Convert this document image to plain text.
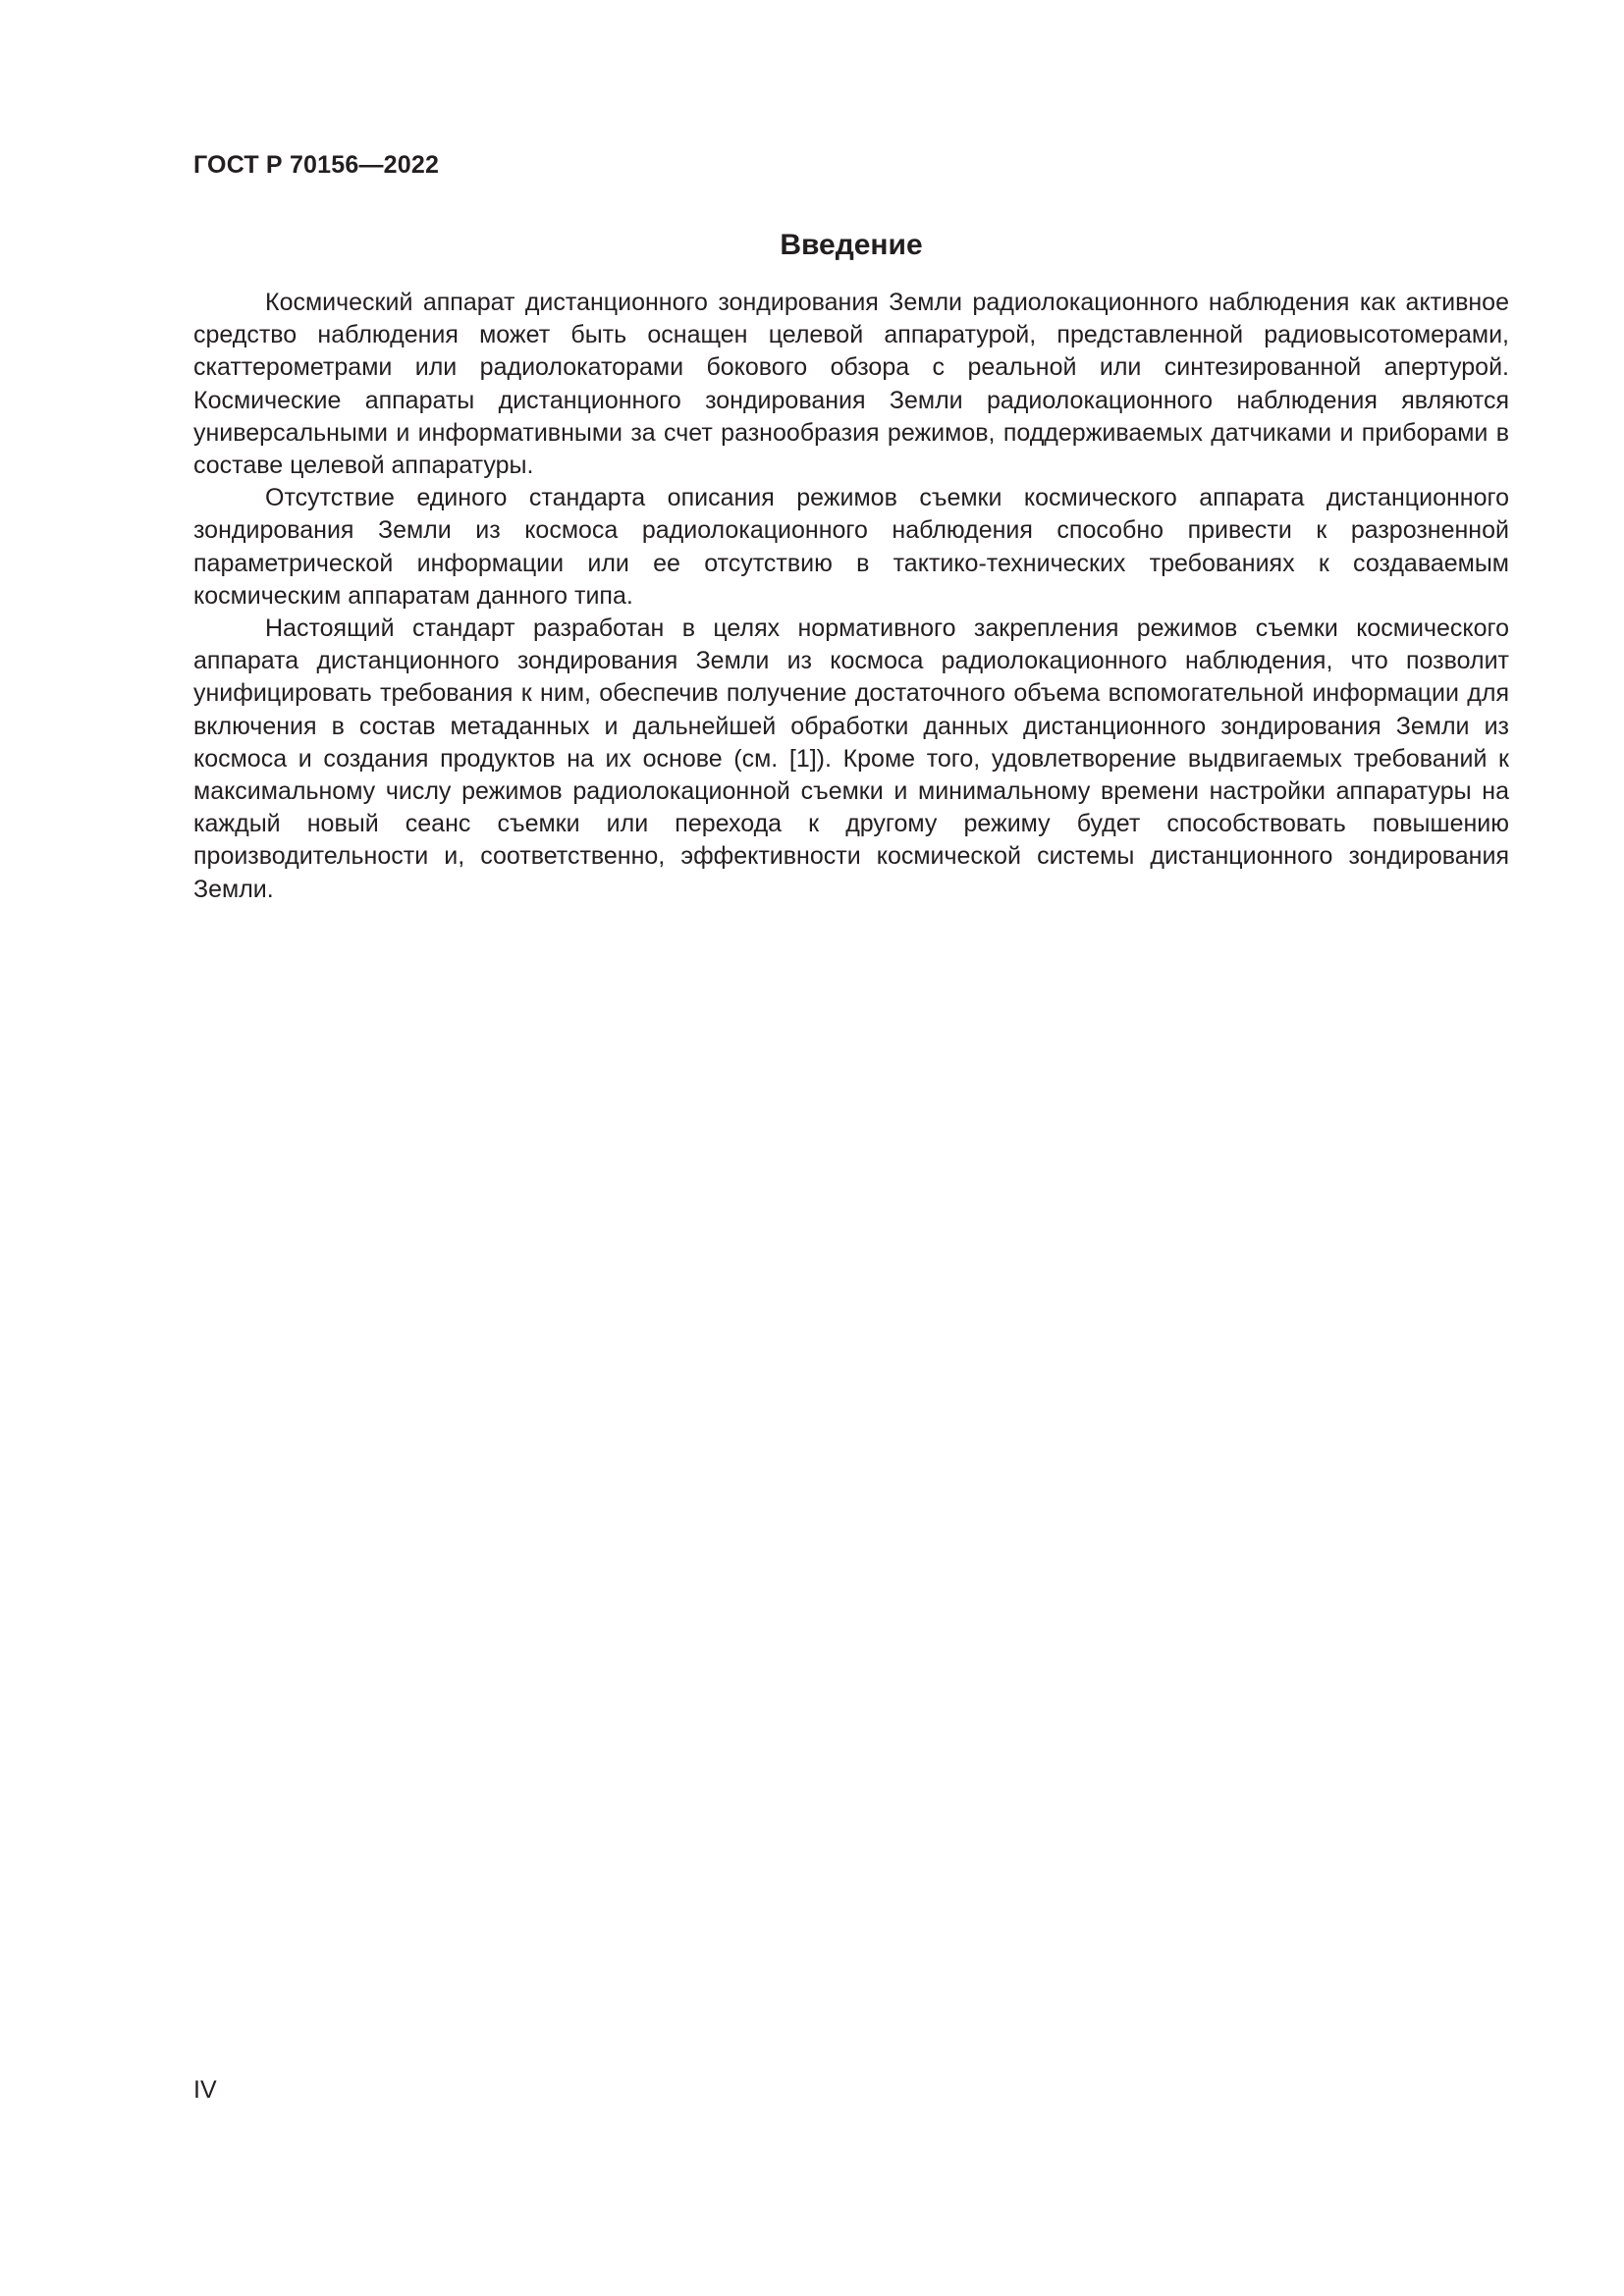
ГОСТ Р 70156—2022
Введение

Космический аппарат дистанционного зондирования Земли радиолокационного наблюдения как активное средство наблюдения может быть оснащен целевой аппаратурой, представленной радиовысотомерами, скаттерометрами или радиолокаторами бокового обзора с реальной или синтезированной апертурой. Космические аппараты дистанционного зондирования Земли радиолокационного наблюдения являются универсальными и информативными за счет разнообразия режимов, поддерживаемых датчиками и приборами в составе целевой аппаратуры.

Отсутствие единого стандарта описания режимов съемки космического аппарата дистанционного зондирования Земли из космоса радиолокационного наблюдения способно привести к разрозненной параметрической информации или ее отсутствию в тактико-технических требованиях к создаваемым космическим аппаратам данного типа.

Настоящий стандарт разработан в целях нормативного закрепления режимов съемки космического аппарата дистанционного зондирования Земли из космоса радиолокационного наблюдения, что позволит унифицировать требования к ним, обеспечив получение достаточного объема вспомогательной информации для включения в состав метаданных и дальнейшей обработки данных дистанционного зондирования Земли из космоса и создания продуктов на их основе (см. [1]). Кроме того, удовлетворение выдвигаемых требований к максимальному числу режимов радиолокационной съемки и минимальному времени настройки аппаратуры на каждый новый сеанс съемки или перехода к другому режиму будет способствовать повышению производительности и, соответственно, эффективности космической системы дистанционного зондирования Земли.

IV
